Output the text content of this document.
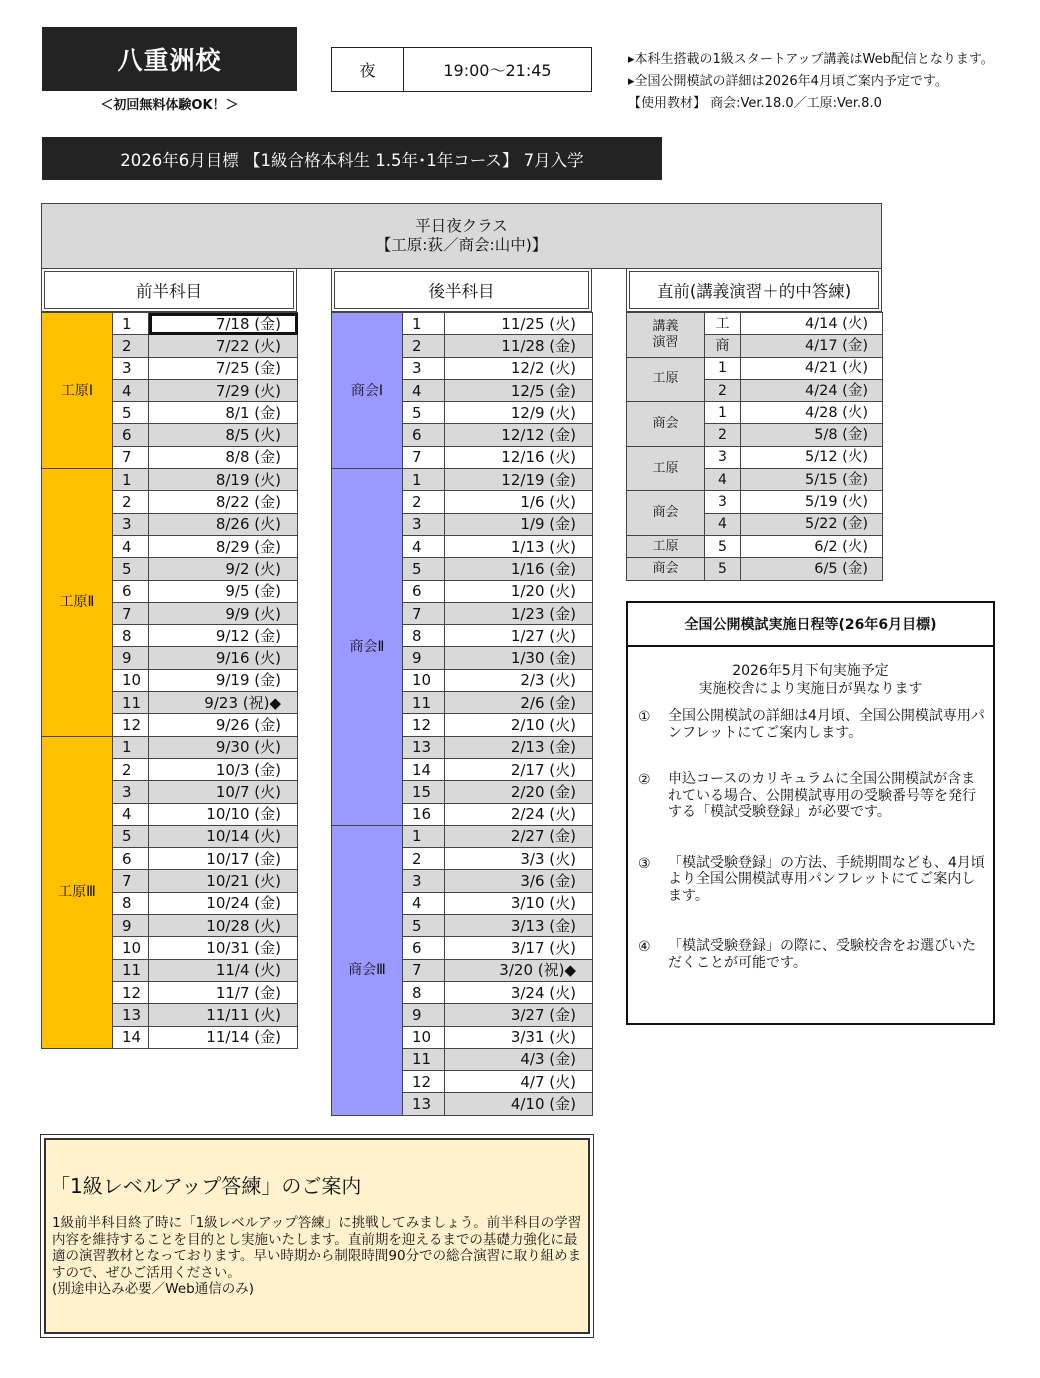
八重洲校
＜初回無料体験OK！＞
夜	19:00～21:45
▸本科生搭載の1級スタートアップ講義はWeb配信となります。
▸全国公開模試の詳細は2026年4月頃ご案内予定です。
【使用教材】 商会:Ver.18.0／工原:Ver.8.0
2026年6月目標 【1級合格本科生 1.5年･1年コース】 7月入学
平日夜クラス
【工原:荻／商会:山中)】
前半科目
工原Ⅰ	1	7/18 (金)
	2	7/22 (火)
	3	7/25 (金)
	4	7/29 (火)
	5	8/1 (金)
	6	8/5 (火)
	7	8/8 (金)
工原Ⅱ	1	8/19 (火)
	2	8/22 (金)
	3	8/26 (火)
	4	8/29 (金)
	5	9/2 (火)
	6	9/5 (金)
	7	9/9 (火)
	8	9/12 (金)
	9	9/16 (火)
	10	9/19 (金)
	11	9/23 (祝)◆
	12	9/26 (金)
工原Ⅲ	1	9/30 (火)
	2	10/3 (金)
	3	10/7 (火)
	4	10/10 (金)
	5	10/14 (火)
	6	10/17 (金)
	7	10/21 (火)
	8	10/24 (金)
	9	10/28 (火)
	10	10/31 (金)
	11	11/4 (火)
	12	11/7 (金)
	13	11/11 (火)
	14	11/14 (金)
後半科目
商会Ⅰ	1	11/25 (火)
	2	11/28 (金)
	3	12/2 (火)
	4	12/5 (金)
	5	12/9 (火)
	6	12/12 (金)
	7	12/16 (火)
商会Ⅱ	1	12/19 (金)
	2	1/6 (火)
	3	1/9 (金)
	4	1/13 (火)
	5	1/16 (金)
	6	1/20 (火)
	7	1/23 (金)
	8	1/27 (火)
	9	1/30 (金)
	10	2/3 (火)
	11	2/6 (金)
	12	2/10 (火)
	13	2/13 (金)
	14	2/17 (火)
	15	2/20 (金)
	16	2/24 (火)
商会Ⅲ	1	2/27 (金)
	2	3/3 (火)
	3	3/6 (金)
	4	3/10 (火)
	5	3/13 (金)
	6	3/17 (火)
	7	3/20 (祝)◆
	8	3/24 (火)
	9	3/27 (金)
	10	3/31 (火)
	11	4/3 (金)
	12	4/7 (火)
	13	4/10 (金)
直前(講義演習＋的中答練)
講義
演習	工	4/14 (火)
	商	4/17 (金)
工原	1	4/21 (火)
	2	4/24 (金)
商会	1	4/28 (火)
	2	5/8 (金)
工原	3	5/12 (火)
	4	5/15 (金)
商会	3	5/19 (火)
	4	5/22 (金)
工原	5	6/2 (火)
商会	5	6/5 (金)
全国公開模試実施日程等(26年6月目標)
2026年5月下旬実施予定
実施校舎により実施日が異なります
①	全国公開模試の詳細は4月頃、全国公開模試専用パンフレットにてご案内します。
②	申込コースのカリキュラムに全国公開模試が含まれている場合、公開模試専用の受験番号等を発行する「模試受験登録」が必要です。
③	「模試受験登録」の方法、手続期間なども、4月頃より全国公開模試専用パンフレットにてご案内します。
④	「模試受験登録」の際に、受験校舎をお選びいただくことが可能です。
「1級レベルアップ答練」のご案内
1級前半科目終了時に「1級レベルアップ答練」に挑戦してみましょう。前半科目の学習内容を維持することを目的とし実施いたします。直前期を迎えるまでの基礎力強化に最適の演習教材となっております。早い時期から制限時間90分での総合演習に取り組めますので、ぜひご活用ください。
(別途申込み必要／Web通信のみ)
